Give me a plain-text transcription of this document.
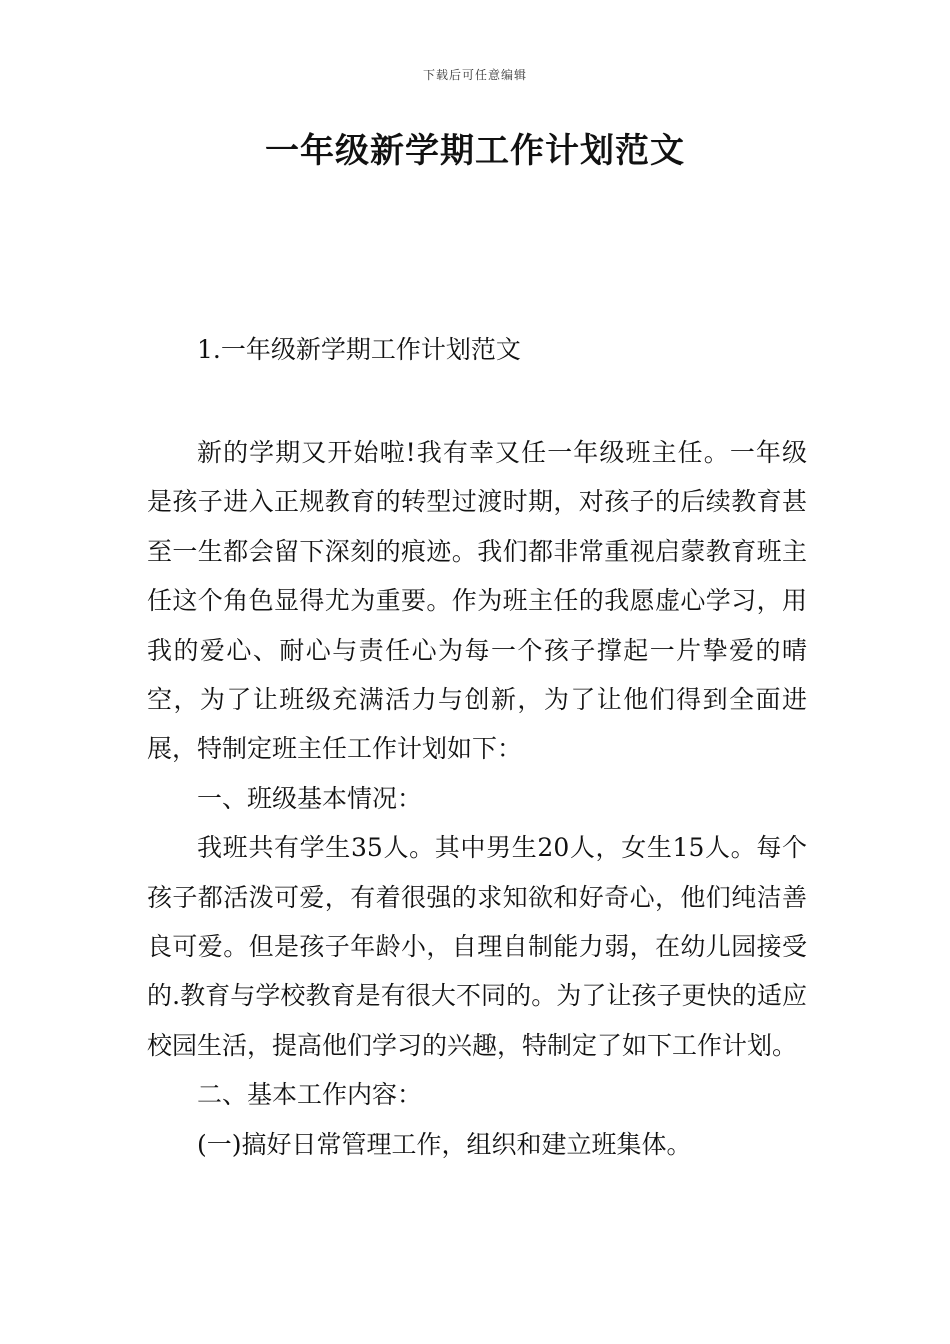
下载后可任意编辑
一年级新学期工作计划范文
1.一年级新学期工作计划范文

新的学期又开始啦!我有幸又任一年级班主任。一年级是孩子进入正规教育的转型过渡时期，对孩子的后续教育甚至一生都会留下深刻的痕迹。我们都非常重视启蒙教育班主任这个角色显得尤为重要。作为班主任的我愿虚心学习，用我的爱心、耐心与责任心为每一个孩子撑起一片挚爱的晴空，为了让班级充满活力与创新，为了让他们得到全面进展，特制定班主任工作计划如下：

一、班级基本情况：

我班共有学生35人。其中男生20人，女生15人。每个孩子都活泼可爱，有着很强的求知欲和好奇心，他们纯洁善良可爱。但是孩子年龄小，自理自制能力弱，在幼儿园接受的.教育与学校教育是有很大不同的。为了让孩子更快的适应校园生活，提高他们学习的兴趣，特制定了如下工作计划。

二、基本工作内容：

(一)搞好日常管理工作，组织和建立班集体。
